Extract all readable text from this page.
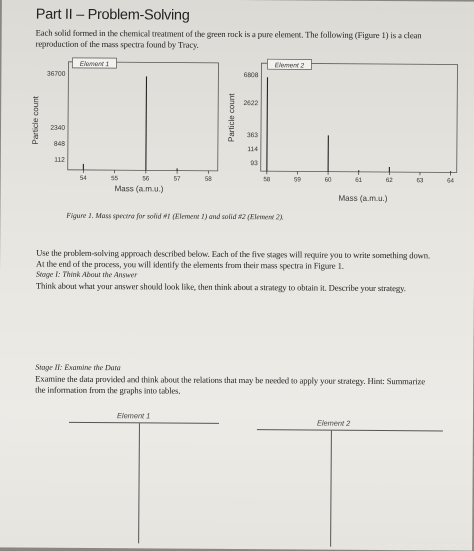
Part II – Problem-Solving
Each solid formed in the chemical treatment of the green rock is a pure element. The following (Figure 1) is a clean
reproduction of the mass spectra found by Tracy.
Particle count
Element 1
36700
2340
848
112
54	55	56	57	58
Mass (a.m.u.)
Particle count
Element 2
6808
2622
363
114
93
58	59	60	61	62	63	64
Mass (a.m.u.)
Figure 1. Mass spectra for solid #1 (Element 1) and solid #2 (Element 2).
Use the problem-solving approach described below. Each of the five stages will require you to write something down.
At the end of the process, you will identify the elements from their mass spectra in Figure 1.
Stage I: Think About the Answer
Think about what your answer should look like, then think about a strategy to obtain it. Describe your strategy.
Stage II: Examine the Data
Examine the data provided and think about the relations that may be needed to apply your strategy. Hint: Summarize
the information from the graphs into tables.
Element 1
Element 2
